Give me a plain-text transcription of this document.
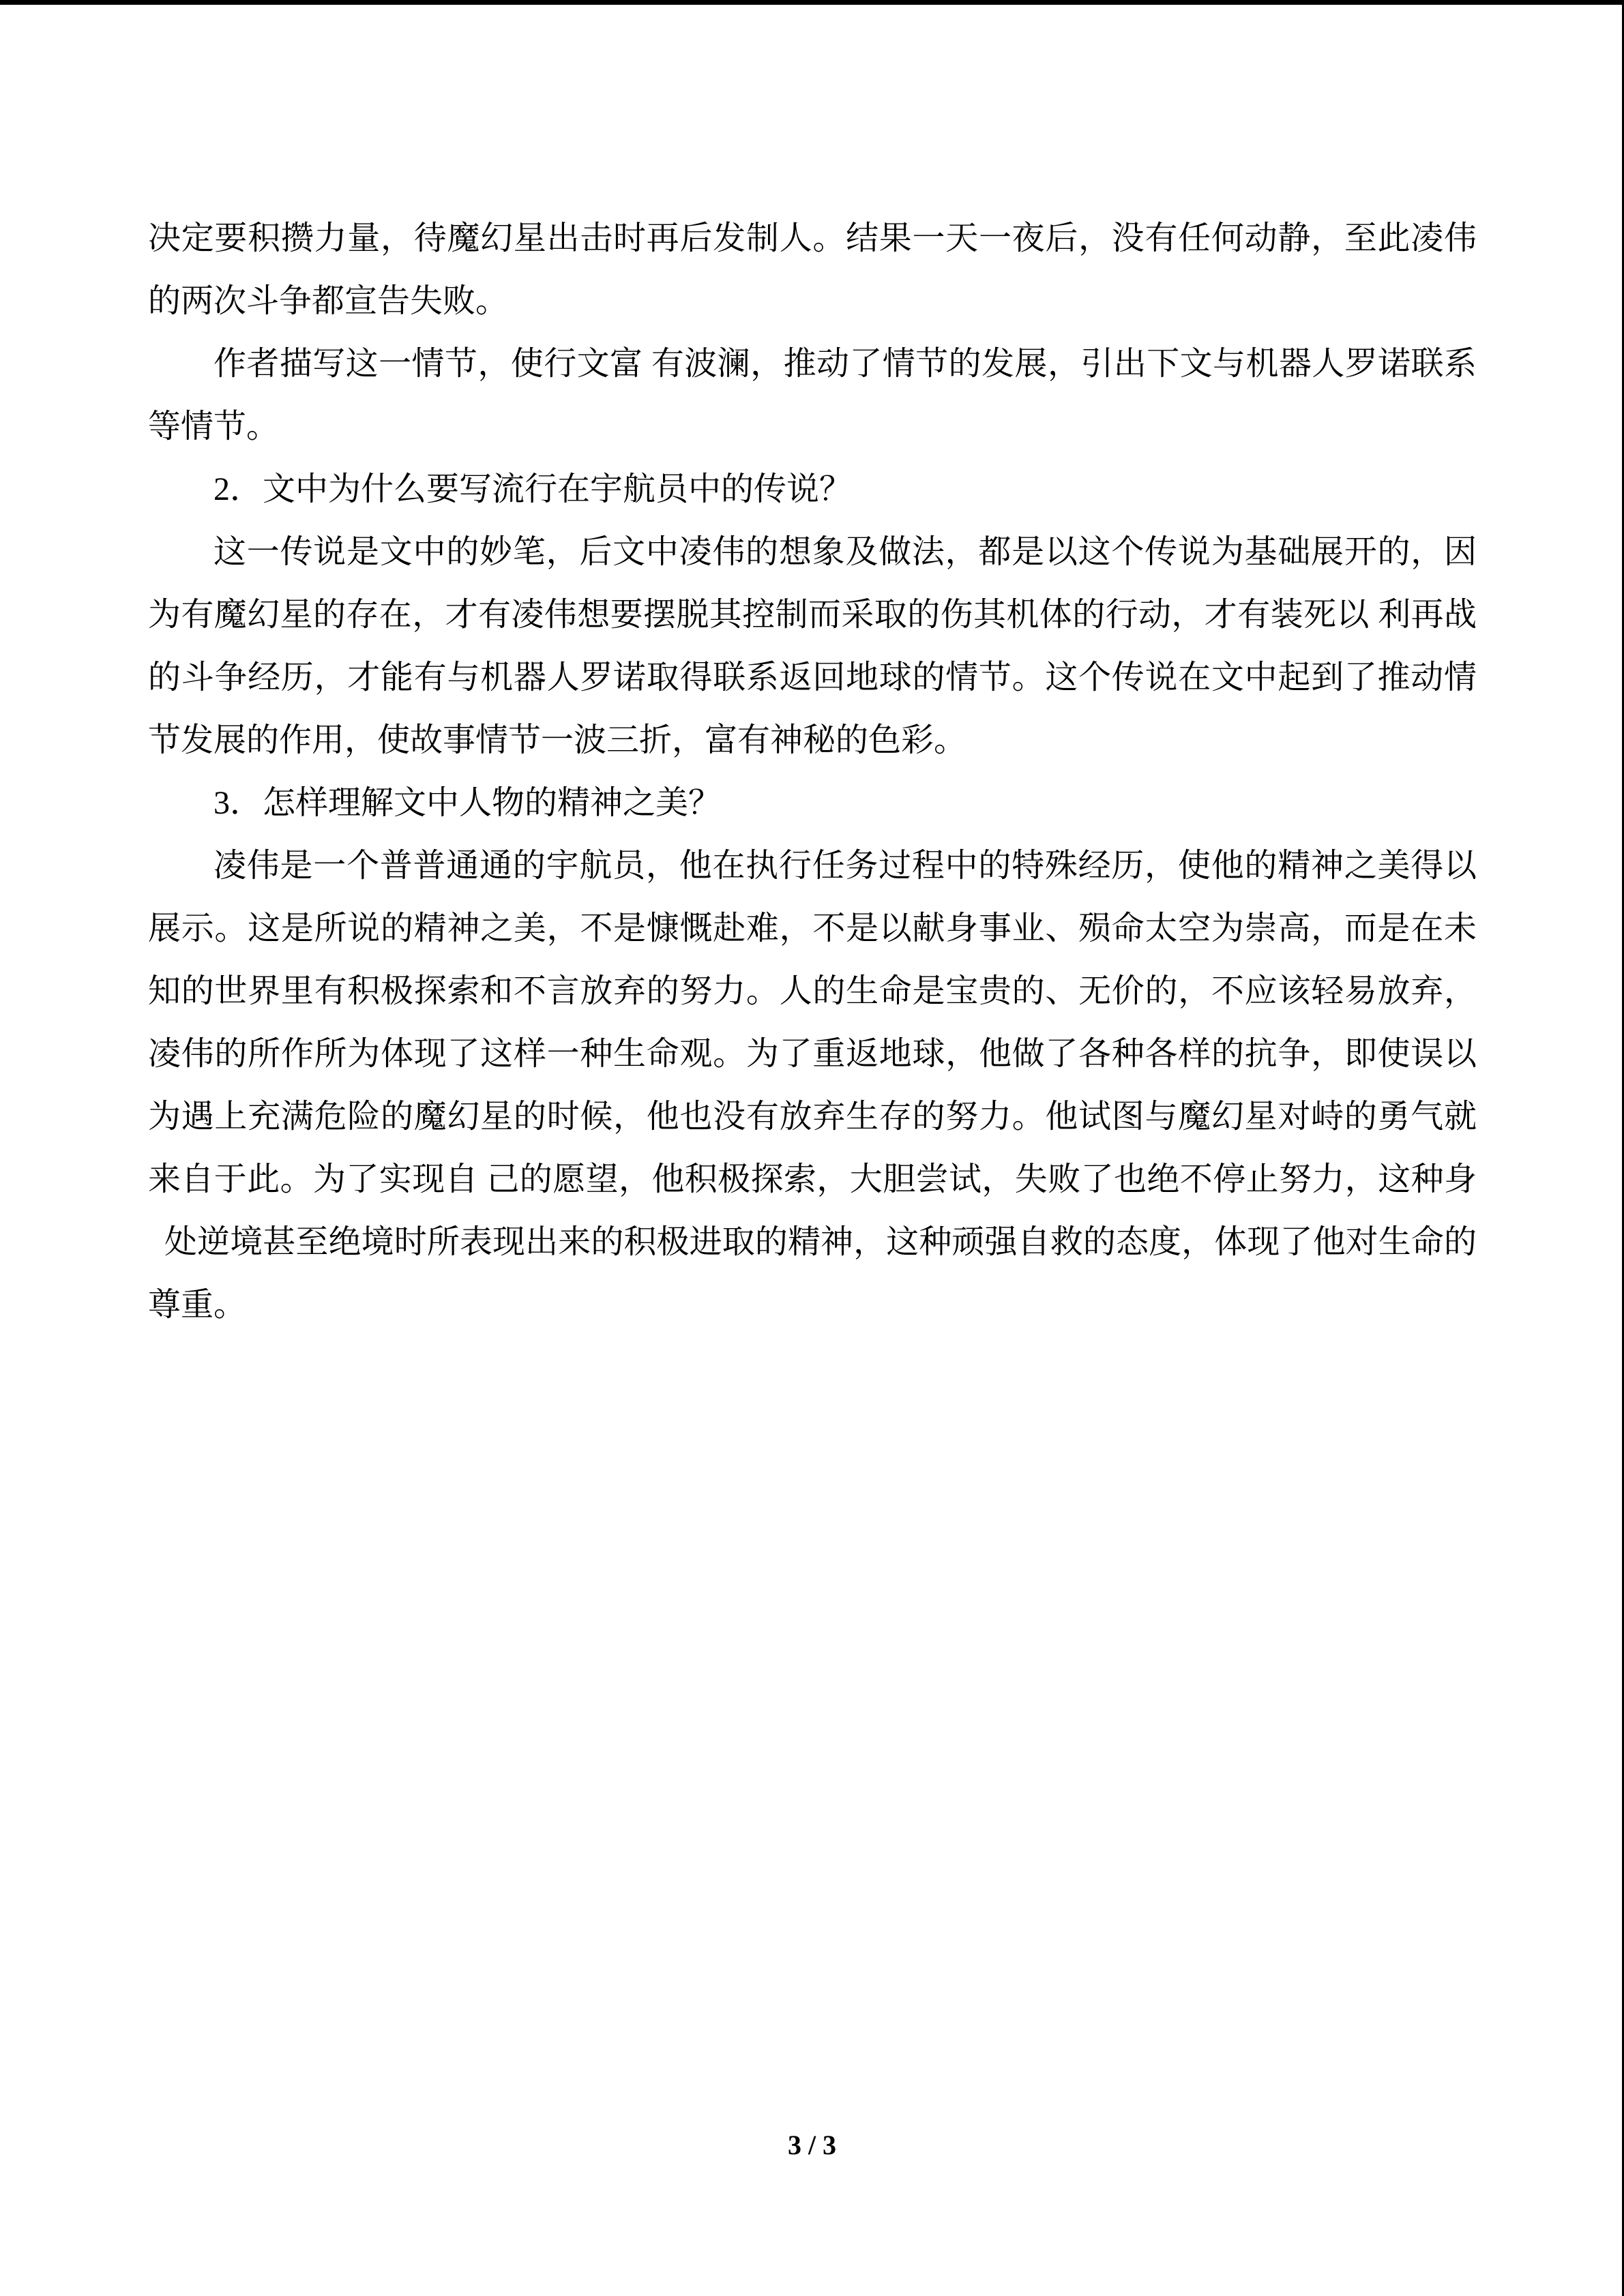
决定要积攒力量，待魔幻星出击时再后发制人。结果一天一夜后，没有任何动静，至此凌伟
的两次斗争都宣告失败。
作者描写这一情节，使行文富 有波澜，推动了情节的发展，引出下文与机器人罗诺联系
等情节。
2．文中为什么要写流行在宇航员中的传说？
这一传说是文中的妙笔，后文中凌伟的想象及做法，都是以这个传说为基础展开的，因
为有魔幻星的存在，才有凌伟想要摆脱其控制而采取的伤其机体的行动，才有装死以 利再战
的斗争经历，才能有与机器人罗诺取得联系返回地球的情节。这个传说在文中起到了推动情
节发展的作用，使故事情节一波三折，富有神秘的色彩。
3．怎样理解文中人物的精神之美？
凌伟是一个普普通通的宇航员，他在执行任务过程中的特殊经历，使他的精神之美得以
展示。这是所说的精神之美，不是慷慨赴难，不是以献身事业、殒命太空为崇高，而是在未
知的世界里有积极探索和不言放弃的努力。人的生命是宝贵的、无价的，不应该轻易放弃，
凌伟的所作所为体现了这样一种生命观。为了重返地球，他做了各种各样的抗争，即使误以
为遇上充满危险的魔幻星的时候，他也没有放弃生存的努力。他试图与魔幻星对峙的勇气就
来自于此。为了实现自 己的愿望，他积极探索，大胆尝试，失败了也绝不停止努力，这种身
处逆境甚至绝境时所表现出来的积极进取的精神，这种顽强自救的态度，体现了他对生命的
尊重。
3 / 3
